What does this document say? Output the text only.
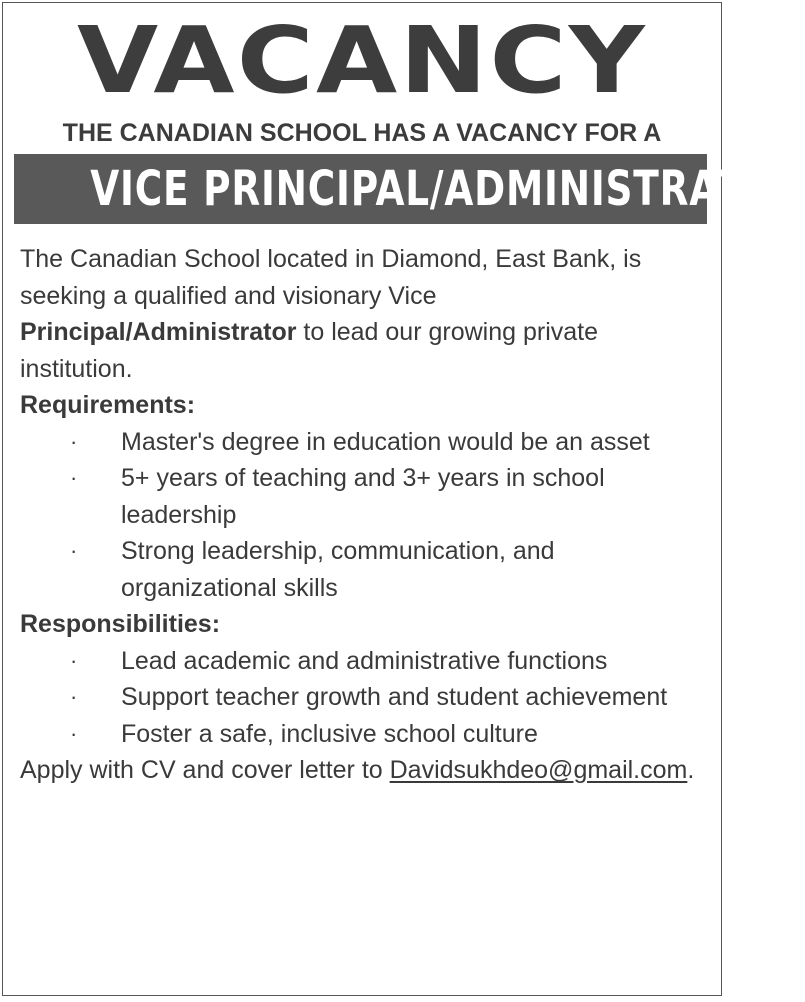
VACANCY
THE CANADIAN SCHOOL HAS A VACANCY FOR A
VICE PRINCIPAL/ADMINISTRATOR

The Canadian School located in Diamond, East Bank, is seeking a qualified and visionary Vice Principal/Administrator to lead our growing private institution.

Requirements:

· Master's degree in education would be an asset
· 5+ years of teaching and 3+ years in school leadership
· Strong leadership, communication, and organizational skills

Responsibilities:

· Lead academic and administrative functions
· Support teacher growth and student achievement
· Foster a safe, inclusive school culture

Apply with CV and cover letter to Davidsukhdeo@gmail.com.
